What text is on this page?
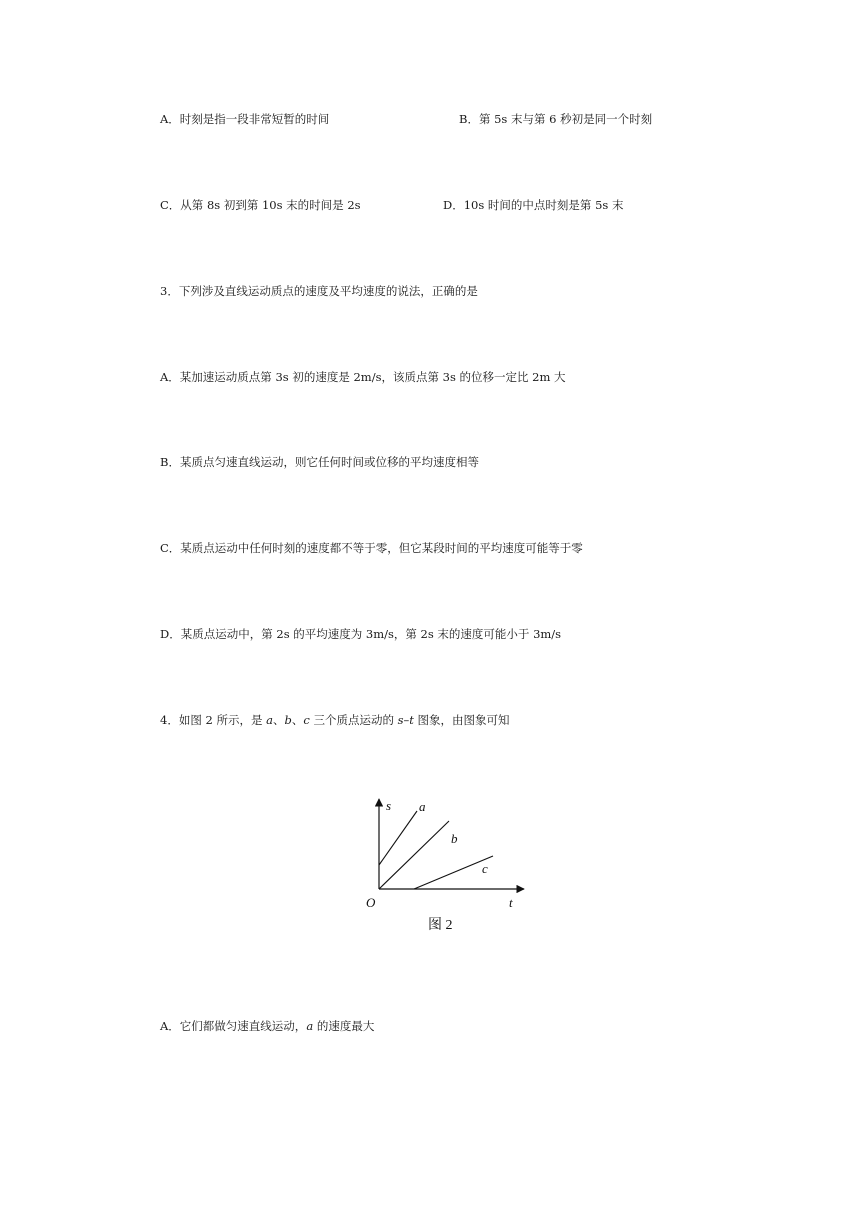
A．时刻是指一段非常短暂的时间	B．第 5s 末与第 6 秒初是同一个时刻
C．从第 8s 初到第 10s 末的时间是 2s	D．10s 时间的中点时刻是第 5s 末
3．下列涉及直线运动质点的速度及平均速度的说法，正确的是
A．某加速运动质点第 3s 初的速度是 2m/s，该质点第 3s 的位移一定比 2m 大
B．某质点匀速直线运动，则它任何时间或位移的平均速度相等
C．某质点运动中任何时刻的速度都不等于零，但它某段时间的平均速度可能等于零
D．某质点运动中，第 2s 的平均速度为 3m/s，第 2s 末的速度可能小于 3m/s
4．如图 2 所示，是 a、b、c 三个质点运动的 s–t 图象，由图象可知
s a
b
c
O	t
图 2
A．它们都做匀速直线运动，a 的速度最大
